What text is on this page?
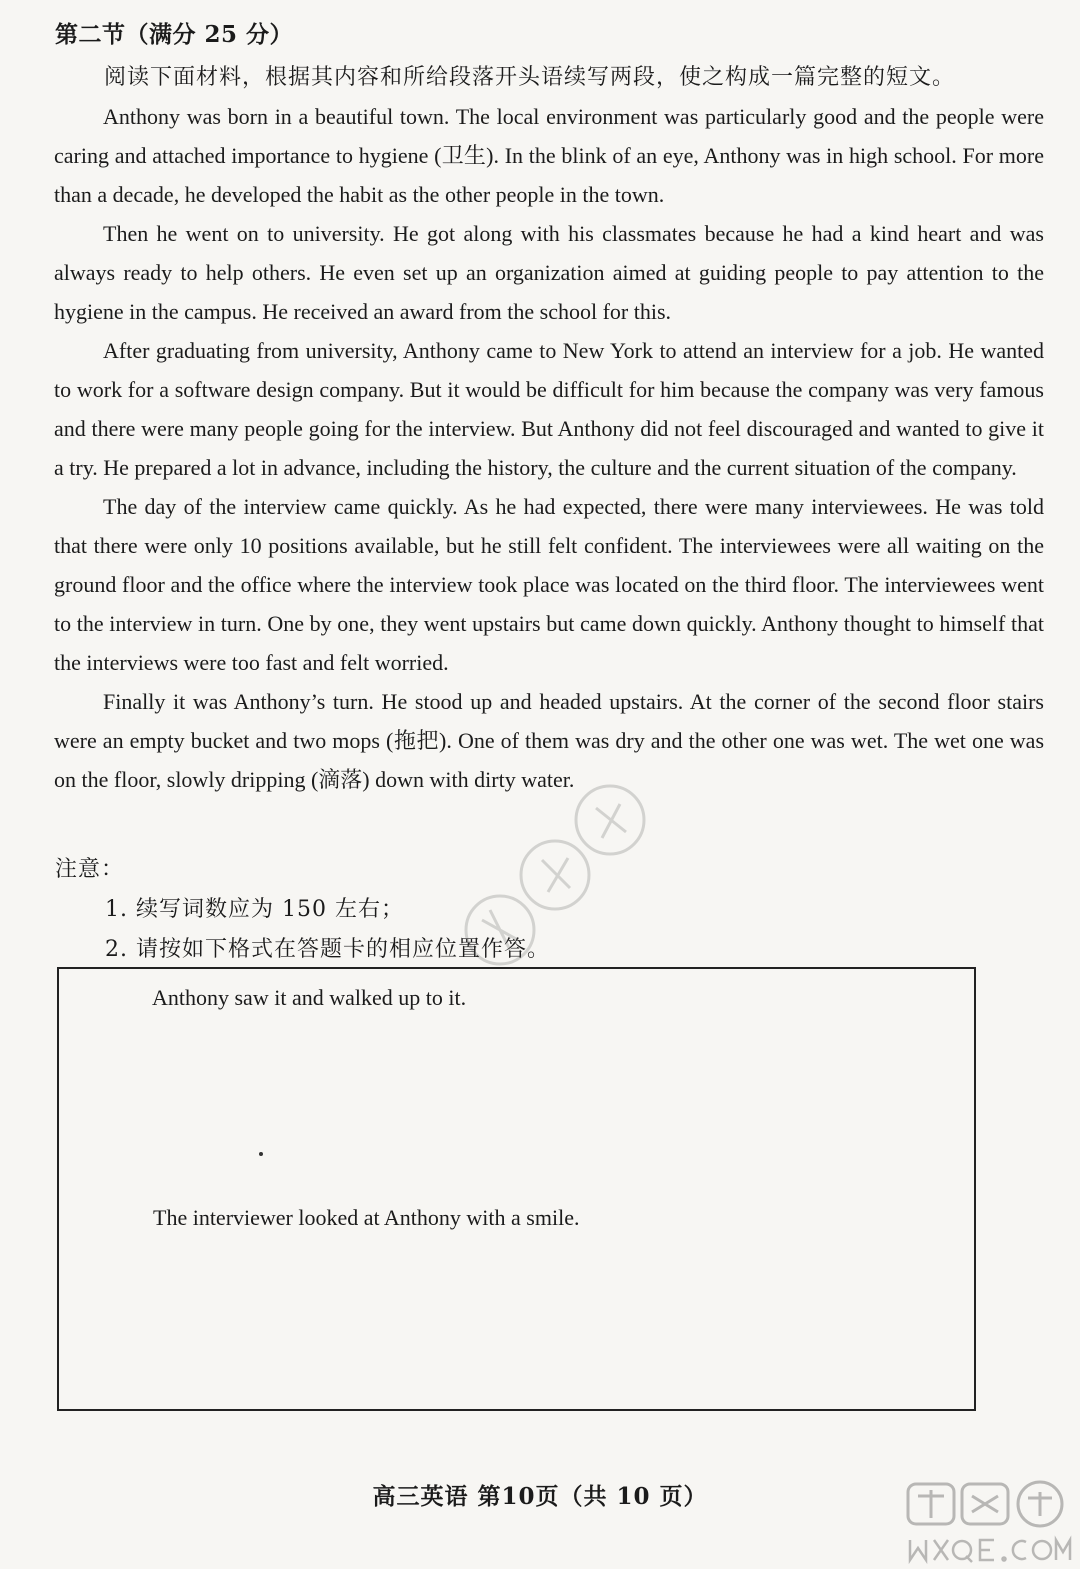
第二节（满分 25 分）
阅读下面材料，根据其内容和所给段落开头语续写两段，使之构成一篇完整的短文。

Anthony was born in a beautiful town. The local environment was particularly good and the people were caring and attached importance to hygiene (卫生). In the blink of an eye, Anthony was in high school. For more than a decade, he developed the habit as the other people in the town.

Then he went on to university. He got along with his classmates because he had a kind heart and was always ready to help others. He even set up an organization aimed at guiding people to pay attention to the hygiene in the campus. He received an award from the school for this.

After graduating from university, Anthony came to New York to attend an interview for a job. He wanted to work for a software design company. But it would be difficult for him because the company was very famous and there were many people going for the interview. But Anthony did not feel discouraged and wanted to give it a try. He prepared a lot in advance, including the history, the culture and the current situation of the company.

The day of the interview came quickly. As he had expected, there were many interviewees. He was told that there were only 10 positions available, but he still felt confident. The interviewees were all waiting on the ground floor and the office where the interview took place was located on the third floor. The interviewees went to the interview in turn. One by one, they went upstairs but came down quickly. Anthony thought to himself that the interviews were too fast and felt worried.

Finally it was Anthony’s turn. He stood up and headed upstairs. At the corner of the second floor stairs were an empty bucket and two mops (拖把). One of them was dry and the other one was wet. The wet one was on the floor, slowly dripping (滴落) down with dirty water.

注意：
1. 续写词数应为 150 左右；
2. 请按如下格式在答题卡的相应位置作答。
Anthony saw it and walked up to it.
The interviewer looked at Anthony with a smile.
高三英语 第10页（共 10 页）
